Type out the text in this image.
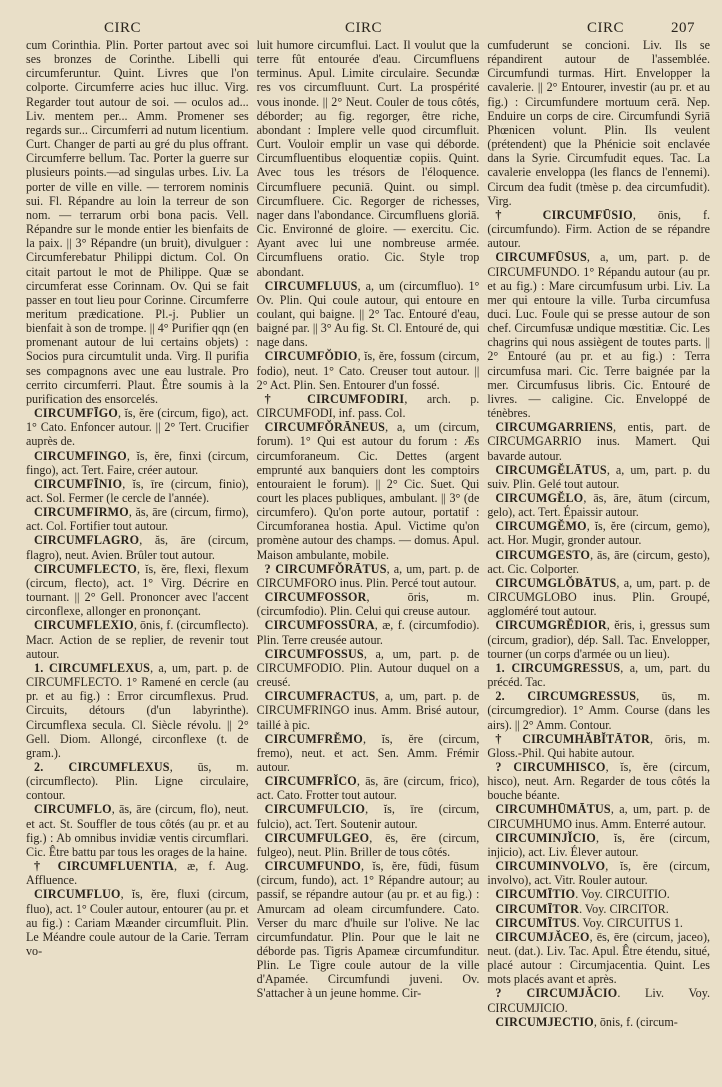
CIRC	CIRC	CIRC	207

cum Corinthia. Plin. Porter partout avec soi ses bronzes de Corinthe. Libelli qui circumferuntur. Quint. Livres que l'on colporte. Circumferre acies huc illuc. Virg. Regarder tout autour de soi. — oculos ad... Liv. mentem per... Amm. Promener ses regards sur... Circumferri ad nutum licentium. Curt. Changer de parti au gré du plus offrant. Circumferre bellum. Tac. Porter la guerre sur plusieurs points.—ad singulas urbes. Liv. La porter de ville en ville. — terrorem nominis sui. Fl. Répandre au loin la terreur de son nom. — terrarum orbi bona pacis. Vell. Répandre sur le monde entier les bienfaits de la paix. || 3° Répandre (un bruit), divulguer : Circumferebatur Philippi dictum. Col. On citait partout le mot de Philippe. Quæ se circumferat esse Corinnam. Ov. Qui se fait passer en tout lieu pour Corinne. Circumferre meritum prædicatione. Pl.-j. Publier un bienfait à son de trompe. || 4° Purifier qqn (en promenant autour de lui certains objets) : Socios pura circumtulit unda. Virg. Il purifia ses compagnons avec une eau lustrale. Pro cerrito circumferri. Plaut. Être soumis à la purification des ensorcelés.

CIRCUMFĪGO, ĭs, ĕre (circum, figo), act. 1° Cato. Enfoncer autour. || 2° Tert. Crucifier auprès de.

CIRCUMFINGO, ĭs, ĕre, finxi (circum, fingo), act. Tert. Faire, créer autour.

CIRCUMFĪNIO, ĭs, īre (circum, finio), act. Sol. Fermer (le cercle de l'année).

CIRCUMFIRMO, ăs, āre (circum, firmo), act. Col. Fortifier tout autour.

CIRCUMFLAGRO, ăs, āre (circum, flagro), neut. Avien. Brûler tout autour.

CIRCUMFLECTO, ĭs, ĕre, flexi, flexum (circum, flecto), act. 1° Virg. Décrire en tournant. || 2° Gell. Prononcer avec l'accent circonflexe, allonger en prononçant.

CIRCUMFLEXIO, ōnis, f. (circumflecto). Macr. Action de se replier, de revenir tout autour.

1. CIRCUMFLEXUS, a, um, part. p. de CIRCUMFLECTO. 1° Ramené en cercle (au pr. et au fig.) : Error circumflexus. Prud. Circuits, détours (d'un labyrinthe). Circumflexa secula. Cl. Siècle révolu. || 2° Gell. Diom. Allongé, circonflexe (t. de gram.).

2. CIRCUMFLEXUS, ūs, m. (circumflecto). Plin. Ligne circulaire, contour.

CIRCUMFLO, ās, āre (circum, flo), neut. et act. St. Souffler de tous côtés (au pr. et au fig.) : Ab omnibus invidiæ ventis circumflari. Cic. Être battu par tous les orages de la haine.

† CIRCUMFLUENTIA, æ, f. Aug. Affluence.

CIRCUMFLUO, ĭs, ĕre, fluxi (circum, fluo), act. 1° Couler autour, entourer (au pr. et au fig.) : Cariam Mæander circumfluit. Plin. Le Méandre coule autour de la Carie. Terram vo-

luit humore circumflui. Lact. Il voulut que la terre fût entourée d'eau. Circumfluens terminus. Apul. Limite circulaire. Secundæ res vos circumfluunt. Curt. La prospérité vous inonde. || 2° Neut. Couler de tous côtés, déborder; au fig. regorger, être riche, abondant : Implere velle quod circumfluit. Curt. Vouloir emplir un vase qui déborde. Circumfluentibus eloquentiæ copiis. Quint. Avec tous les trésors de l'éloquence. Circumfluere pecuniā. Quint. ou simpl. Circumfluere. Cic. Regorger de richesses, nager dans l'abondance. Circumfluens gloriā. Cic. Environné de gloire. — exercitu. Cic. Ayant avec lui une nombreuse armée. Circumfluens oratio. Cic. Style trop abondant.

CIRCUMFLUUS, a, um (circumfluo). 1° Ov. Plin. Qui coule autour, qui entoure en coulant, qui baigne. || 2° Tac. Entouré d'eau, baigné par. || 3° Au fig. St. Cl. Entouré de, qui nage dans.

CIRCUMFŎDIO, ĭs, ĕre, fossum (circum, fodio), neut. 1° Cato. Creuser tout autour. || 2° Act. Plin. Sen. Entourer d'un fossé.

† CIRCUMFODIRI, arch. p. CIRCUMFODI, inf. pass. Col.

CIRCUMFŎRĀNEUS, a, um (circum, forum). 1° Qui est autour du forum : Æs circumforaneum. Cic. Dettes (argent emprunté aux banquiers dont les comptoirs entouraient le forum). || 2° Cic. Suet. Qui court les places publiques, ambulant. || 3° (de circumfero). Qu'on porte autour, portatif : Circumforanea hostia. Apul. Victime qu'on promène autour des champs. — domus. Apul. Maison ambulante, mobile.

? CIRCUMFŎRĀTUS, a, um, part. p. de CIRCUMFORO inus. Plin. Percé tout autour.

CIRCUMFOSSOR, ōris, m. (circumfodio). Plin. Celui qui creuse autour.

CIRCUMFOSSŪRA, æ, f. (circumfodio). Plin. Terre creusée autour.

CIRCUMFOSSUS, a, um, part. p. de CIRCUMFODIO. Plin. Autour duquel on a creusé.

CIRCUMFRACTUS, a, um, part. p. de CIRCUMFRINGO inus. Amm. Brisé autour, taillé à pic.

CIRCUMFRĔMO, ĭs, ĕre (circum, fremo), neut. et act. Sen. Amm. Frémir autour.

CIRCUMFRĬCO, ās, āre (circum, frico), act. Cato. Frotter tout autour.

CIRCUMFULCIO, ĭs, īre (circum, fulcio), act. Tert. Soutenir autour.

CIRCUMFULGEO, ēs, ēre (circum, fulgeo), neut. Plin. Briller de tous côtés.

CIRCUMFUNDO, ĭs, ĕre, fūdi, fūsum (circum, fundo), act. 1° Répandre autour; au passif, se répandre autour (au pr. et au fig.) : Amurcam ad oleam circumfundere. Cato. Verser du marc d'huile sur l'olive. Ne lac circumfundatur. Plin. Pour que le lait ne déborde pas. Tigris Apameæ circumfunditur. Plin. Le Tigre coule autour de la ville d'Apamée. Circumfundi juveni. Ov. S'attacher à un jeune homme. Cir-

cumfuderunt se concioni. Liv. Ils se répandirent autour de l'assemblée. Circumfundi turmas. Hirt. Envelopper la cavalerie. || 2° Entourer, investir (au pr. et au fig.) : Circumfundere mortuum cerā. Nep. Enduire un corps de cire. Circumfundi Syriā Phœnicen volunt. Plin. Ils veulent (prétendent) que la Phénicie soit enclavée dans la Syrie. Circumfudit eques. Tac. La cavalerie enveloppa (les flancs de l'ennemi). Circum dea fudit (tmèse p. dea circumfudit). Virg.

† CIRCUMFŪSIO, ōnis, f. (circumfundo). Firm. Action de se répandre autour.

CIRCUMFŪSUS, a, um, part. p. de CIRCUMFUNDO. 1° Répandu autour (au pr. et au fig.) : Mare circumfusum urbi. Liv. La mer qui entoure la ville. Turba circumfusa duci. Luc. Foule qui se presse autour de son chef. Circumfusæ undique mœstitiæ. Cic. Les chagrins qui nous assiègent de toutes parts. || 2° Entouré (au pr. et au fig.) : Terra circumfusa mari. Cic. Terre baignée par la mer. Circumfusus libris. Cic. Entouré de livres. — caligine. Cic. Enveloppé de ténèbres.

CIRCUMGARRIENS, entis, part. de CIRCUMGARRIO inus. Mamert. Qui bavarde autour.

CIRCUMGĔLĀTUS, a, um, part. p. du suiv. Plin. Gelé tout autour.

CIRCUMGĔLO, ās, āre, ātum (circum, gelo), act. Tert. Épaissir autour.

CIRCUMGĔMO, ĭs, ĕre (circum, gemo), act. Hor. Mugir, gronder autour.

CIRCUMGESTO, ās, āre (circum, gesto), act. Cic. Colporter.

CIRCUMGLŎBĀTUS, a, um, part. p. de CIRCUMGLOBO inus. Plin. Groupé, aggloméré tout autour.

CIRCUMGRĔDIOR, ĕris, i, gressus sum (circum, gradior), dép. Sall. Tac. Envelopper, tourner (un corps d'armée ou un lieu).

1. CIRCUMGRESSUS, a, um, part. du précéd. Tac.

2. CIRCUMGRESSUS, ūs, m. (circumgredior). 1° Amm. Course (dans les airs). || 2° Amm. Contour.

† CIRCUMHĂBĬTĀTOR, ōris, m. Gloss.-Phil. Qui habite autour.

? CIRCUMHISCO, ĭs, ĕre (circum, hisco), neut. Arn. Regarder de tous côtés la bouche béante.

CIRCUMHŪMĀTUS, a, um, part. p. de CIRCUMHUMO inus. Amm. Enterré autour.

CIRCUMINJĬCIO, ĭs, ĕre (circum, injicio), act. Liv. Élever autour.

CIRCUMINVOLVO, ĭs, ĕre (circum, involvo), act. Vitr. Rouler autour.

CIRCUMĪTIO. Voy. CIRCUITIO.

CIRCUMĪTOR. Voy. CIRCITOR.

CIRCUMĪTUS. Voy. CIRCUITUS 1.

CIRCUMJĂCEO, ēs, ēre (circum, jaceo), neut. (dat.). Liv. Tac. Apul. Être étendu, situé, placé autour : Circumjacentia. Quint. Les mots placés avant et après.

? CIRCUMJĂCIO. Liv. Voy. CIRCUMJICIO.

CIRCUMJECTIO, ōnis, f. (circum-
